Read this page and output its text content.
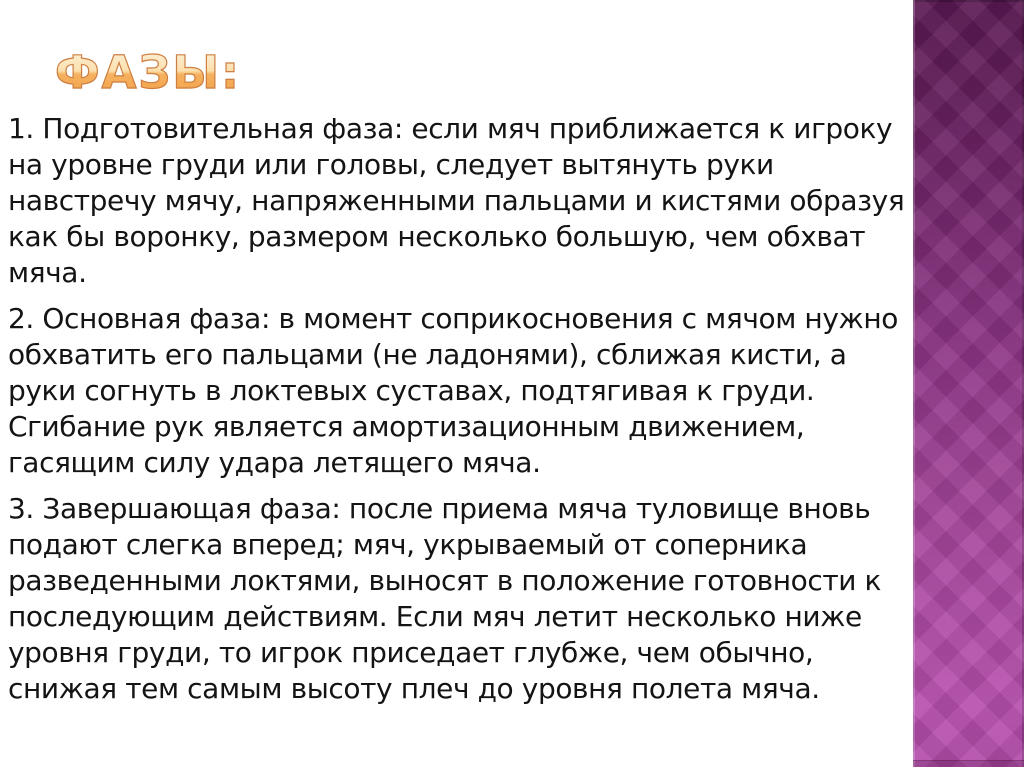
ФАЗЫ:

1. Подготовительная фаза: если мяч приближается к игроку на уровне груди или головы, следует вытянуть руки навстречу мячу, напряженными пальцами и кистями образуя как бы воронку, размером несколько большую, чем обхват мяча.

2. Основная фаза: в момент соприкосновения с мячом нужно обхватить его пальцами (не ладонями), сближая кисти, а руки согнуть в локтевых суставах, подтягивая к груди. Сгибание рук является амортизационным движением, гасящим силу удара летящего мяча.

3. Завершающая фаза: после приема мяча туловище вновь подают слегка вперед; мяч, укрываемый от соперника разведенными локтями, выносят в положение готовности к последующим действиям. Если мяч летит несколько ниже уровня груди, то игрок приседает глубже, чем обычно, снижая тем самым высоту плеч до уровня полета мяча.
